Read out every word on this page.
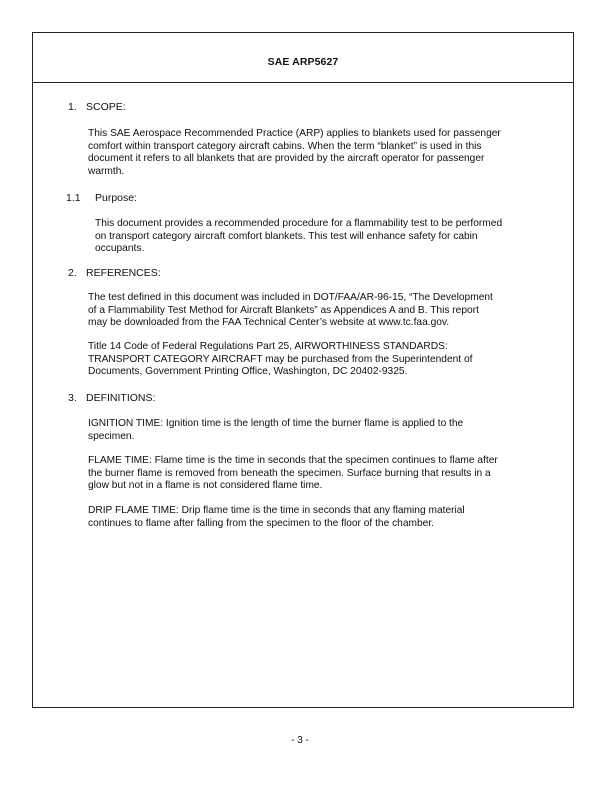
SAE ARP5627
1. SCOPE:
This SAE Aerospace Recommended Practice (ARP) applies to blankets used for passenger
comfort within transport category aircraft cabins. When the term “blanket” is used in this
document it refers to all blankets that are provided by the aircraft operator for passenger
warmth.
1.1 Purpose:
This document provides a recommended procedure for a flammability test to be performed
on transport category aircraft comfort blankets. This test will enhance safety for cabin
occupants.
2. REFERENCES:
The test defined in this document was included in DOT/FAA/AR-96-15, “The Development
of a Flammability Test Method for Aircraft Blankets” as Appendices A and B. This report
may be downloaded from the FAA Technical Center’s website at www.tc.faa.gov.
Title 14 Code of Federal Regulations Part 25, AIRWORTHINESS STANDARDS:
TRANSPORT CATEGORY AIRCRAFT may be purchased from the Superintendent of
Documents, Government Printing Office, Washington, DC 20402-9325.
3. DEFINITIONS:
IGNITION TIME: Ignition time is the length of time the burner flame is applied to the
specimen.
FLAME TIME: Flame time is the time in seconds that the specimen continues to flame after
the burner flame is removed from beneath the specimen. Surface burning that results in a
glow but not in a flame is not considered flame time.
DRIP FLAME TIME: Drip flame time is the time in seconds that any flaming material
continues to flame after falling from the specimen to the floor of the chamber.
- 3 -
